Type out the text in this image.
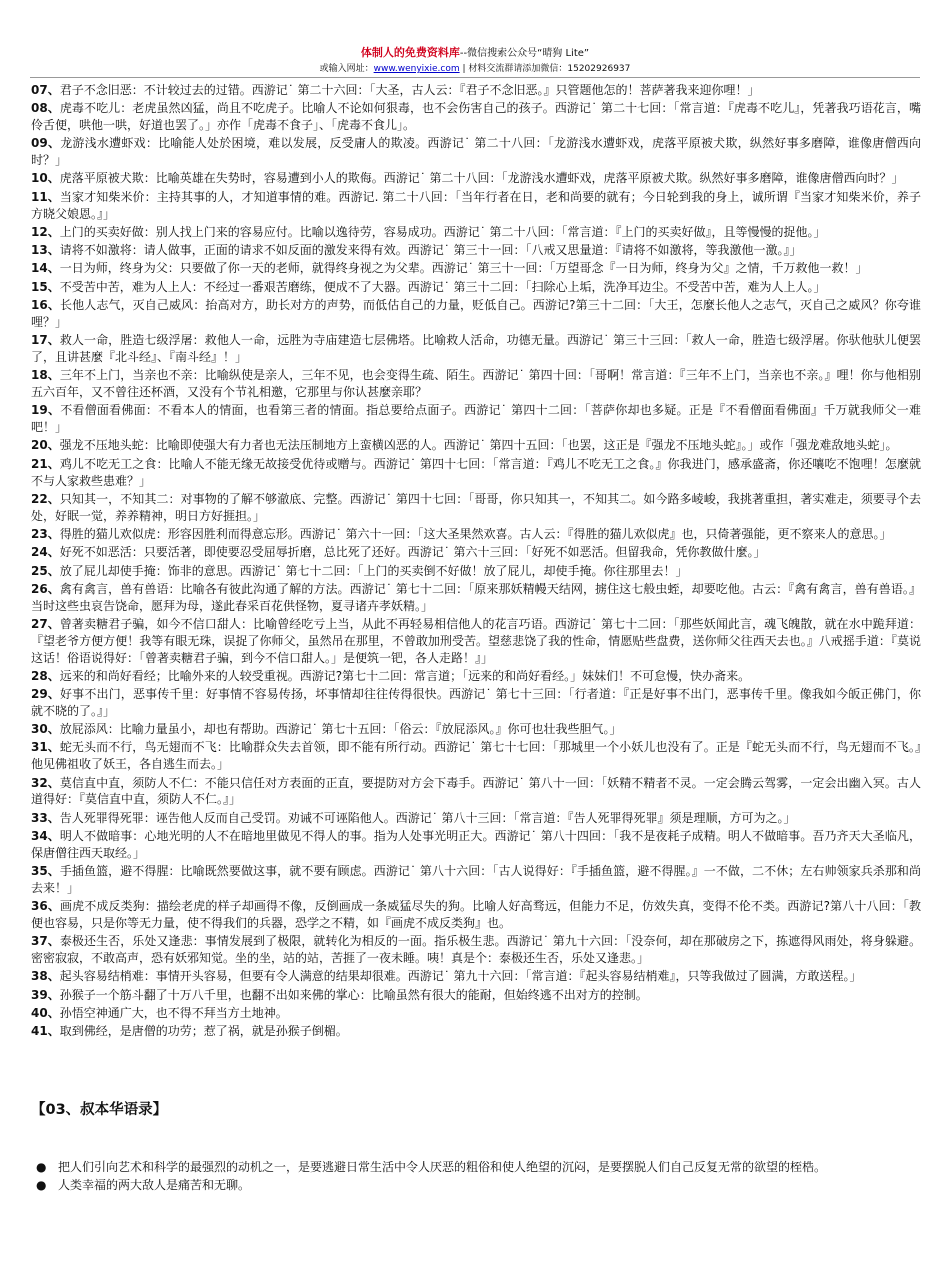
体制人的免费资料库--微信搜索公众号“晴狗 Lite”
或输入网址：www.wenyixie.com | 材料交流群请添加微信：15202926937

07、君子不念旧恶：不计较过去的过错。西游记˙ 第二十六回：「大圣，古人云：『君子不念旧恶。』只管题他怎的！菩萨著我来迎你哩！」

08、虎毒不吃儿：老虎虽然凶猛，尚且不吃虎子。比喻人不论如何狠毒，也不会伤害自己的孩子。西游记˙ 第二十七回：「常言道：『虎毒不吃儿』，凭著我巧语花言，嘴伶舌便，哄他一哄，好道也罢了。」亦作「虎毒不食子」、「虎毒不食儿」。

09、龙游浅水遭虾戏：比喻能人处於困境，难以发展，反受庸人的欺凌。西游记˙ 第二十八回：「龙游浅水遭虾戏，虎落平原被犬欺，纵然好事多磨障，谁像唐僧西向时？」

10、虎落平原被犬欺：比喻英雄在失势时，容易遭到小人的欺侮。西游记˙ 第二十八回：「龙游浅水遭虾戏，虎落平原被犬欺。纵然好事多磨障，谁像唐僧西向时？」

11、当家才知柴米价：主持其事的人，才知道事情的难。西游记. 第二十八回：「当年行者在日，老和尚要的就有；今日轮到我的身上，诚所谓『当家才知柴米价，养子方晓父娘恩。』」

12、上门的买卖好做：别人找上门来的容易应付。比喻以逸待劳，容易成功。西游记˙ 第二十八回：「常言道：『上门的买卖好做』，且等慢慢的捉他。」

13、请将不如激将：请人做事，正面的请求不如反面的激发来得有效。西游记˙ 第三十一回：「八戒又思量道：『请将不如激将，等我激他一激。』」

14、一日为师，终身为父：只要做了你一天的老师，就得终身视之为父辈。西游记˙ 第三十一回：「万望哥念『一日为师，终身为父』之情，千万救他一救！」

15、不受苦中苦，难为人上人：不经过一番艰苦磨练，便成不了大器。西游记˙ 第三十二回：「扫除心上垢，洗净耳边尘。不受苦中苦，难为人上人。」

16、长他人志气，灭自己威风：抬高对方，助长对方的声势，而低估自己的力量，贬低自己。西游记?第三十二回：「大王，怎麼长他人之志气，灭自己之威风？你夸谁哩？」

17、救人一命，胜造七级浮屠：救他人一命，远胜为寺庙建造七层佛塔。比喻救人活命，功德无量。西游记˙ 第三十三回：「救人一命，胜造七级浮屠。你驮他驮儿便罢了，且讲甚麼『北斗经』、『南斗经』！」

18、三年不上门，当亲也不亲：比喻纵使是亲人，三年不见，也会变得生疏、陌生。西游记˙ 第四十回：「哥啊！常言道：『三年不上门，当亲也不亲。』哩！你与他相别五六百年，又不曾往还杯酒，又没有个节礼相邀，它那里与你认甚麼亲耶？

19、不看僧面看佛面：不看本人的情面，也看第三者的情面。指总要给点面子。西游记˙ 第四十二回：「菩萨你却也多疑。正是『不看僧面看佛面』千万就我师父一难吧！」

20、强龙不压地头蛇：比喻即使强大有力者也无法压制地方上蛮横凶恶的人。西游记˙ 第四十五回：「也罢，这正是『强龙不压地头蛇』。」或作「强龙难敌地头蛇」。

21、鸡儿不吃无工之食：比喻人不能无缘无故接受优待或赠与。西游记˙ 第四十七回：「常言道：『鸡儿不吃无工之食。』你我进门，感承盛斋，你还嚷吃不饱哩！怎麼就不与人家救些患难？」

22、只知其一，不知其二：对事物的了解不够澈底、完整。西游记˙ 第四十七回：「哥哥，你只知其一，不知其二。如今路多崚峻，我挑著重担，著实难走，须要寻个去处，好眠一觉，养养精神，明日方好捱担。」

23、得胜的猫儿欢似虎：形容因胜利而得意忘形。西游记˙ 第六十一回：「这大圣果然欢喜。古人云：『得胜的猫儿欢似虎』也，只倚著强能，更不察来人的意思。」

24、好死不如恶活：只要活著，即使要忍受屈辱折磨，总比死了还好。西游记˙ 第六十三回：「好死不如恶活。但留我命，凭你教做什麼。」

25、放了屁儿却使手掩：饰非的意思。西游记˙ 第七十二回：「上门的买卖倒不好做！放了屁儿，却使手掩。你往那里去！」

26、禽有禽言，兽有兽语：比喻各有彼此沟通了解的方法。西游记˙ 第七十二回：「原来那妖精幔天结网，掳住这七般虫蛭，却要吃他。古云：『禽有禽言，兽有兽语。』当时这些虫哀告饶命，愿拜为母，遂此春采百花供怪物，夏寻诸卉孝妖精。」

27、曾著卖糖君子骗，如今不信口甜人：比喻曾经吃亏上当，从此不再轻易相信他人的花言巧语。西游记˙ 第七十二回：「那些妖闻此言，魂飞魄散，就在水中跪拜道：『望老爷方便方便！我等有眼无珠，误捉了你师父，虽然吊在那里，不曾敢加刑受苦。望慈悲饶了我的性命，情愿贴些盘费，送你师父往西天去也。』八戒摇手道：『莫说这话！俗语说得好：「曾著卖糖君子骗，到今不信口甜人。」是便筑一钯，各人走路！』」

28、远来的和尚好看经；比喻外来的人较受重视。西游记?第七十二回：常言道；「远来的和尚好看经。」妹妹们！不可怠慢，快办斋来。

29、好事不出门，恶事传千里：好事情不容易传扬，坏事情却往往传得很快。西游记˙ 第七十三回：「行者道：『正是好事不出门，恶事传千里。像我如今皈正佛门，你就不晓的了。』」

30、放屁添风：比喻力量虽小，却也有帮助。西游记˙ 第七十五回：「俗云：『放屁添风。』你可也壮我些胆气。」

31、蛇无头而不行，鸟无翅而不飞：比喻群众失去首领，即不能有所行动。西游记˙ 第七十七回：「那城里一个小妖儿也没有了。正是『蛇无头而不行，鸟无翅而不飞。』他见佛祖收了妖王，各自逃生而去。」

32、莫信直中直，须防人不仁：不能只信任对方表面的正直，要提防对方会下毒手。西游记˙ 第八十一回：「妖精不精者不灵。一定会腾云驾雾，一定会出幽入冥。古人道得好：『莫信直中直，须防人不仁。』」

33、告人死罪得死罪：诬告他人反而自己受罚。劝诫不可诬陷他人。西游记˙ 第八十三回：「常言道：『告人死罪得死罪』须是理顺，方可为之。」

34、明人不做暗事：心地光明的人不在暗地里做见不得人的事。指为人处事光明正大。西游记˙ 第八十四回：「我不是夜耗子成精。明人不做暗事。吾乃齐天大圣临凡，保唐僧往西天取经。」

35、手插鱼篮，避不得腥：比喻既然要做这事，就不要有顾虑。西游记˙ 第八十六回：「古人说得好：『手插鱼篮，避不得腥。』一不做，二不休；左右帅领家兵杀那和尚去来！」

36、画虎不成反类狗：描绘老虎的样子却画得不像，反倒画成一条威猛尽失的狗。比喻人好高骛远，但能力不足，仿效失真，变得不伦不类。西游记?第八十八回：「教便也容易，只是你等无力量，使不得我们的兵器，恐学之不精，如『画虎不成反类狗』也。

37、泰极还生否，乐处又逢悲：事情发展到了极限，就转化为相反的一面。指乐极生悲。西游记˙ 第九十六回：「没奈何，却在那破房之下，拣遮得风雨处，将身躲避。密密寂寂，不敢高声，恐有妖邪知觉。坐的坐，站的站，苦捱了一夜未睡。咦！真是个：泰极还生否，乐处又逢悲。」

38、起头容易结梢难：事情开头容易，但要有令人满意的结果却很难。西游记˙ 第九十六回：「常言道：『起头容易结梢难』，只等我做过了圆满，方敢送程。」

39、孙猴子一个筋斗翻了十万八千里，也翻不出如来佛的掌心：比喻虽然有很大的能耐，但始终逃不出对方的控制。

40、孙悟空神通广大，也不得不拜当方土地神。

41、取到佛经，是唐僧的功劳；惹了祸，就是孙猴子倒楣。

【03、叔本华语录】
● 把人们引向艺术和科学的最强烈的动机之一，是要逃避日常生活中令人厌恶的粗俗和使人绝望的沉闷，是要摆脱人们自己反复无常的欲望的桎梏。
● 人类幸福的两大敌人是痛苦和无聊。
